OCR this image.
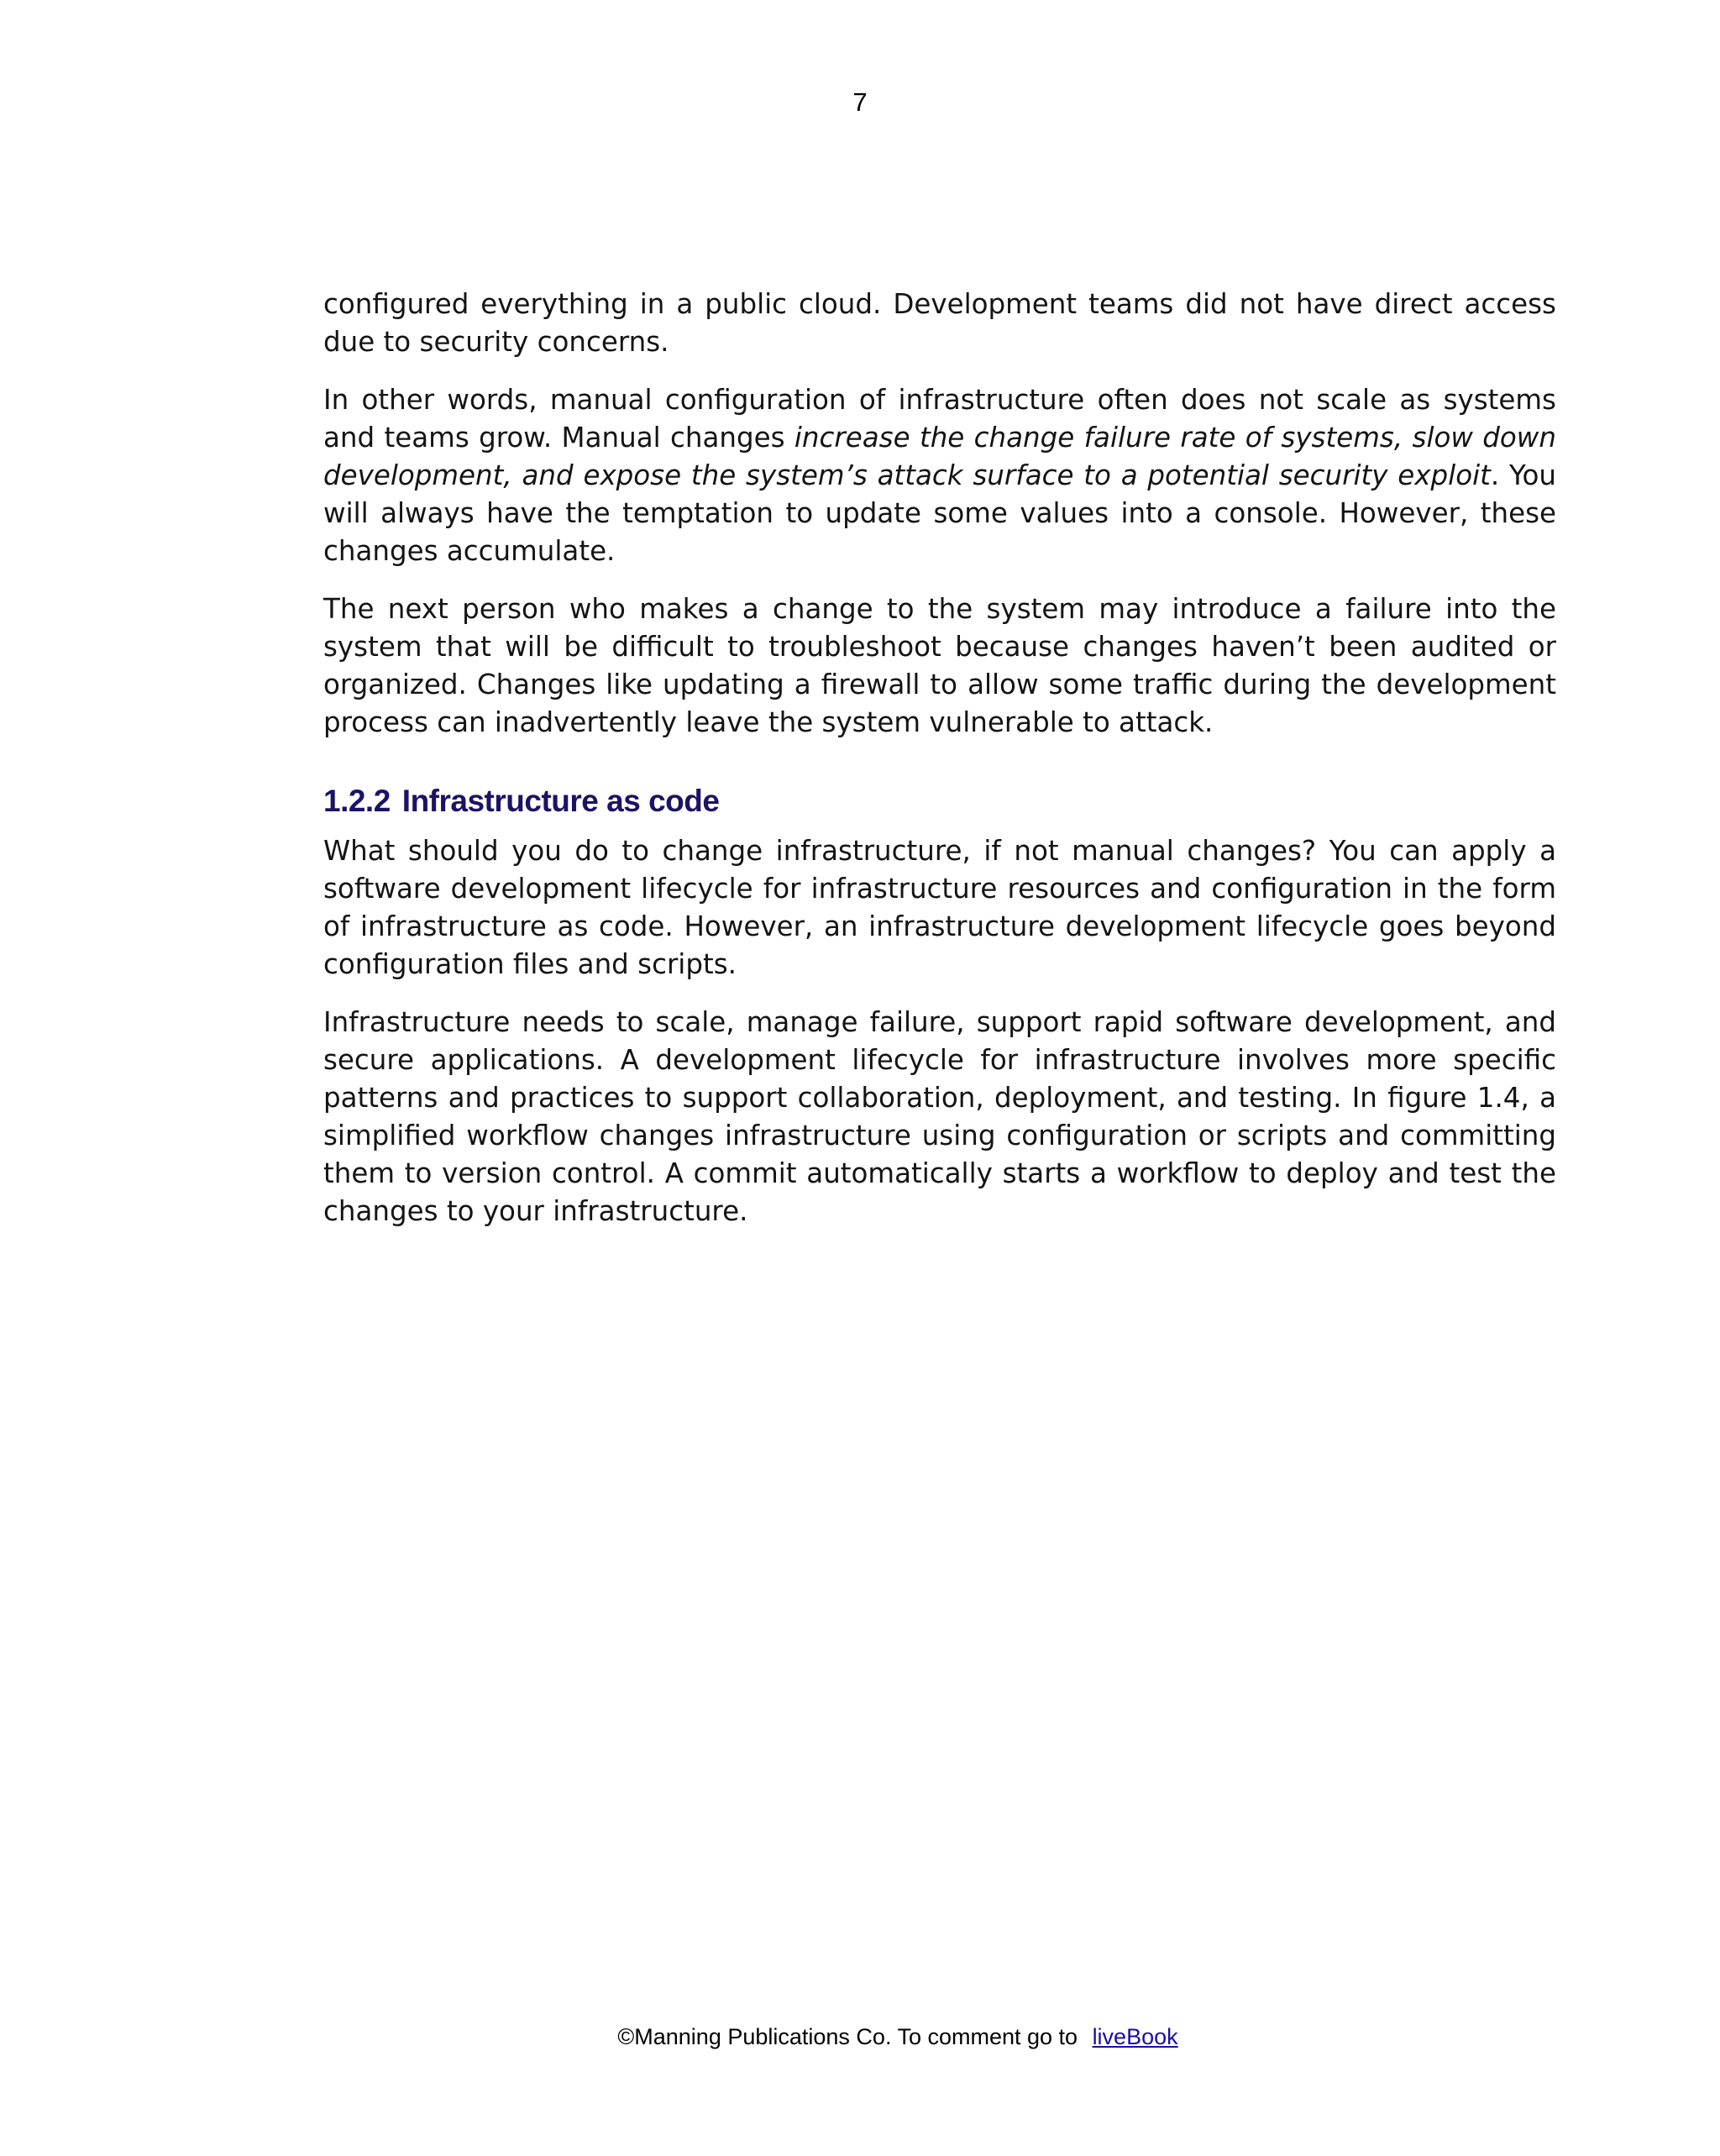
7

configured everything in a public cloud. Development teams did not have direct access due to security concerns.

In other words, manual configuration of infrastructure often does not scale as systems and teams grow. Manual changes increase the change failure rate of systems, slow down development, and expose the system’s attack surface to a potential security exploit. You will always have the temptation to update some values into a console. However, these changes accumulate.

The next person who makes a change to the system may introduce a failure into the system that will be difficult to troubleshoot because changes haven’t been audited or organized. Changes like updating a firewall to allow some traffic during the development process can inadvertently leave the system vulnerable to attack.

1.2.2 Infrastructure as code

What should you do to change infrastructure, if not manual changes? You can apply a software development lifecycle for infrastructure resources and configuration in the form of infrastructure as code. However, an infrastructure development lifecycle goes beyond configuration files and scripts.

Infrastructure needs to scale, manage failure, support rapid software development, and secure applications. A development lifecycle for infrastructure involves more specific patterns and practices to support collaboration, deployment, and testing. In figure 1.4, a simplified workflow changes infrastructure using configuration or scripts and committing them to version control. A commit automatically starts a workflow to deploy and test the changes to your infrastructure.

©Manning Publications Co. To comment go to liveBook
